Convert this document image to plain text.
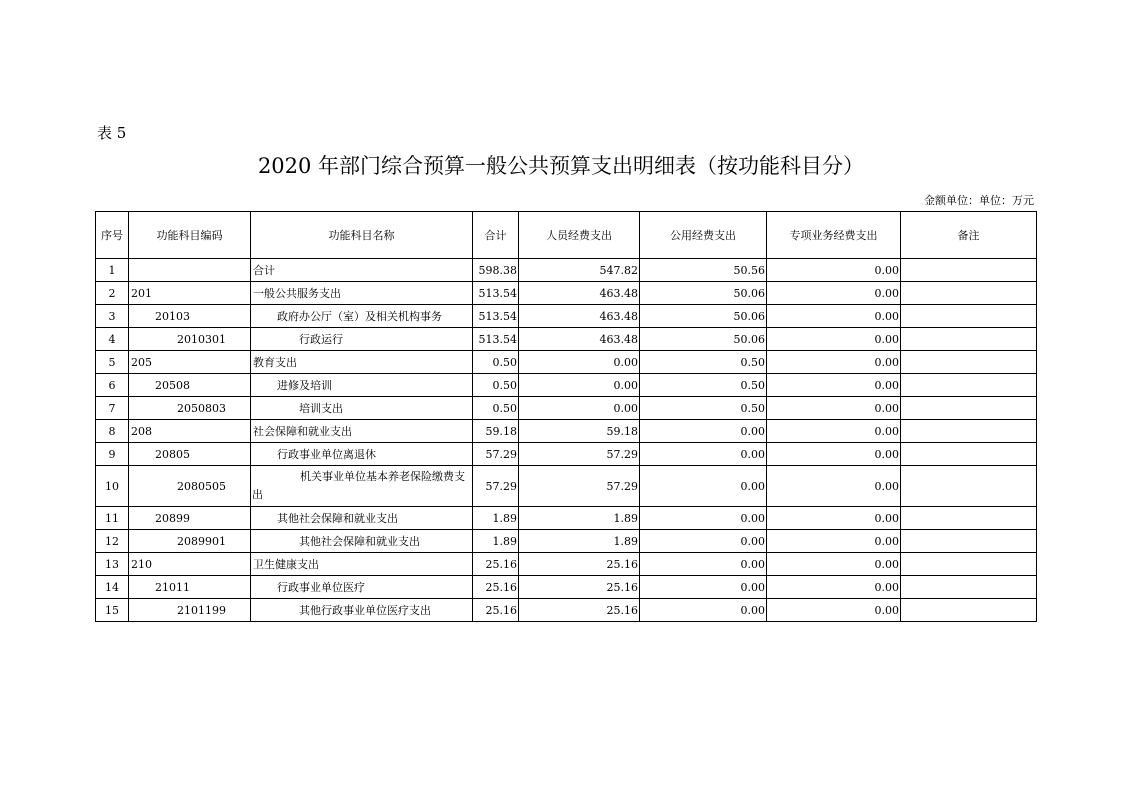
表 5
2020 年部门综合预算一般公共预算支出明细表（按功能科目分）
金额单位：单位：万元
序号	功能科目编码	功能科目名称	合计	人员经费支出	公用经费支出	专项业务经费支出	备注
1		合计	598.38	547.82	50.56	0.00	
2	201	一般公共服务支出	513.54	463.48	50.06	0.00	
3	20103	政府办公厅（室）及相关机构事务	513.54	463.48	50.06	0.00	
4	2010301	行政运行	513.54	463.48	50.06	0.00	
5	205	教育支出	0.50	0.00	0.50	0.00	
6	20508	进修及培训	0.50	0.00	0.50	0.00	
7	2050803	培训支出	0.50	0.00	0.50	0.00	
8	208	社会保障和就业支出	59.18	59.18	0.00	0.00	
9	20805	行政事业单位离退休	57.29	57.29	0.00	0.00	
10	2080505	机关事业单位基本养老保险缴费支出	57.29	57.29	0.00	0.00	
11	20899	其他社会保障和就业支出	1.89	1.89	0.00	0.00	
12	2089901	其他社会保障和就业支出	1.89	1.89	0.00	0.00	
13	210	卫生健康支出	25.16	25.16	0.00	0.00	
14	21011	行政事业单位医疗	25.16	25.16	0.00	0.00	
15	2101199	其他行政事业单位医疗支出	25.16	25.16	0.00	0.00	
